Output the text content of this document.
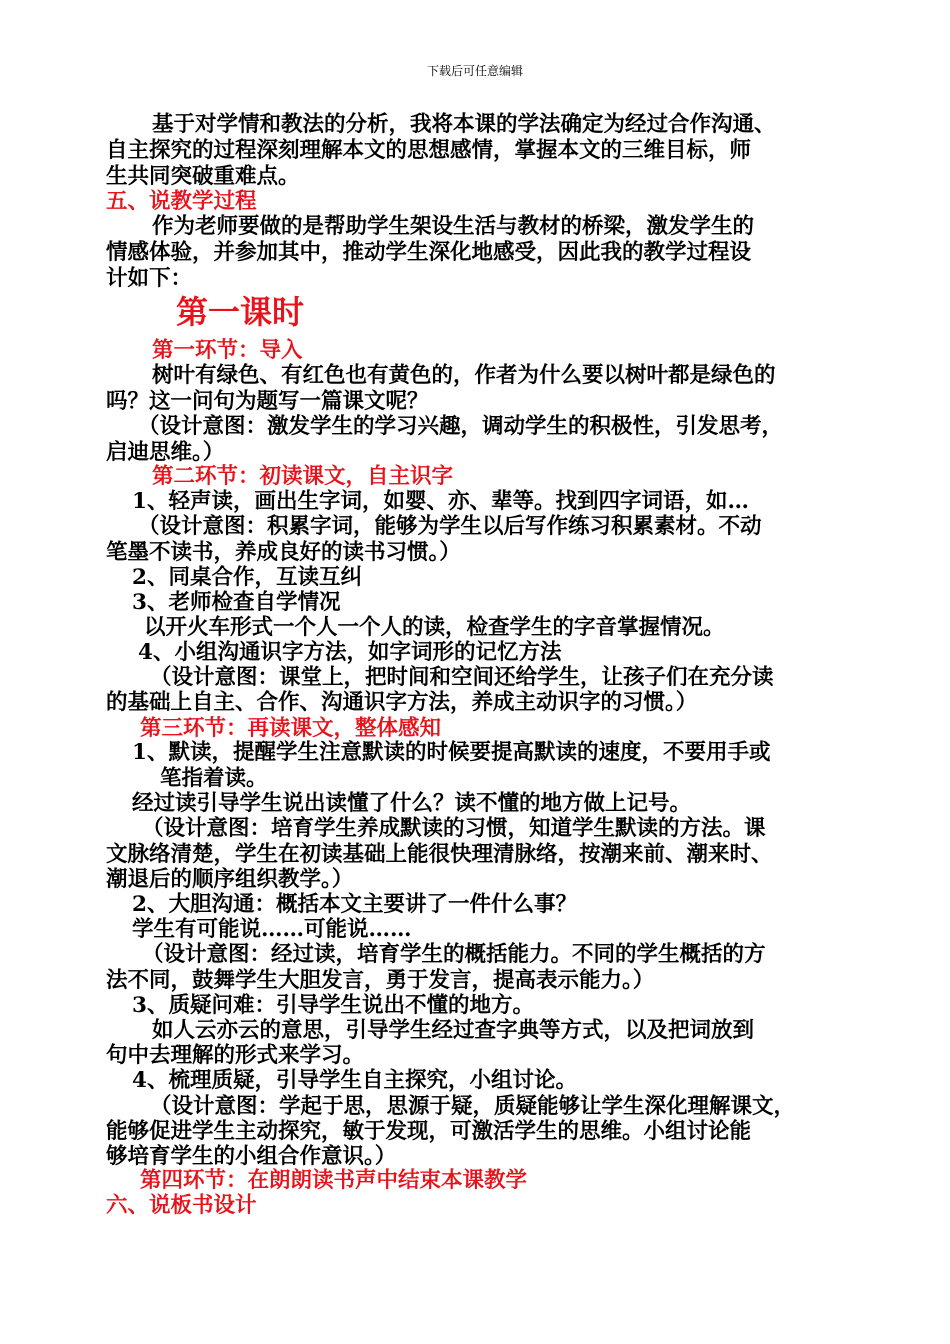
下载后可任意编辑
基于对学情和教法的分析，我将本课的学法确定为经过合作沟通、
自主探究的过程深刻理解本文的思想感情，掌握本文的三维目标，师
生共同突破重难点。
五、说教学过程
作为老师要做的是帮助学生架设生活与教材的桥梁，激发学生的
情感体验，并参加其中，推动学生深化地感受，因此我的教学过程设
计如下：
第一课时
第一环节：导入
树叶有绿色、有红色也有黄色的，作者为什么要以树叶都是绿色的
吗？这一问句为题写一篇课文呢？
（设计意图：激发学生的学习兴趣，调动学生的积极性，引发思考，
启迪思维。）
第二环节：初读课文，自主识字
1、轻声读，画出生字词，如婴、亦、辈等。找到四字词语，如…
（设计意图：积累字词，能够为学生以后写作练习积累素材。不动
笔墨不读书，养成良好的读书习惯。）
2、同桌合作，互读互纠
3、老师检查自学情况
以开火车形式一个人一个人的读，检查学生的字音掌握情况。
4、小组沟通识字方法，如字词形的记忆方法
（设计意图：课堂上，把时间和空间还给学生，让孩子们在充分读
的基础上自主、合作、沟通识字方法，养成主动识字的习惯。）
第三环节：再读课文，整体感知
1、默读，提醒学生注意默读的时候要提高默读的速度，不要用手或
笔指着读。
经过读引导学生说出读懂了什么？读不懂的地方做上记号。
（设计意图：培育学生养成默读的习惯，知道学生默读的方法。课
文脉络清楚，学生在初读基础上能很快理清脉络，按潮来前、潮来时、
潮退后的顺序组织教学。）
2、大胆沟通：概括本文主要讲了一件什么事？
学生有可能说……可能说……
（设计意图：经过读，培育学生的概括能力。不同的学生概括的方
法不同，鼓舞学生大胆发言，勇于发言，提高表示能力。）
3、质疑问难：引导学生说出不懂的地方。
如人云亦云的意思，引导学生经过查字典等方式，以及把词放到
句中去理解的形式来学习。
4、梳理质疑，引导学生自主探究，小组讨论。
（设计意图：学起于思，思源于疑，质疑能够让学生深化理解课文，
能够促进学生主动探究，敏于发现，可激活学生的思维。小组讨论能
够培育学生的小组合作意识。）
第四环节：在朗朗读书声中结束本课教学
六、说板书设计
